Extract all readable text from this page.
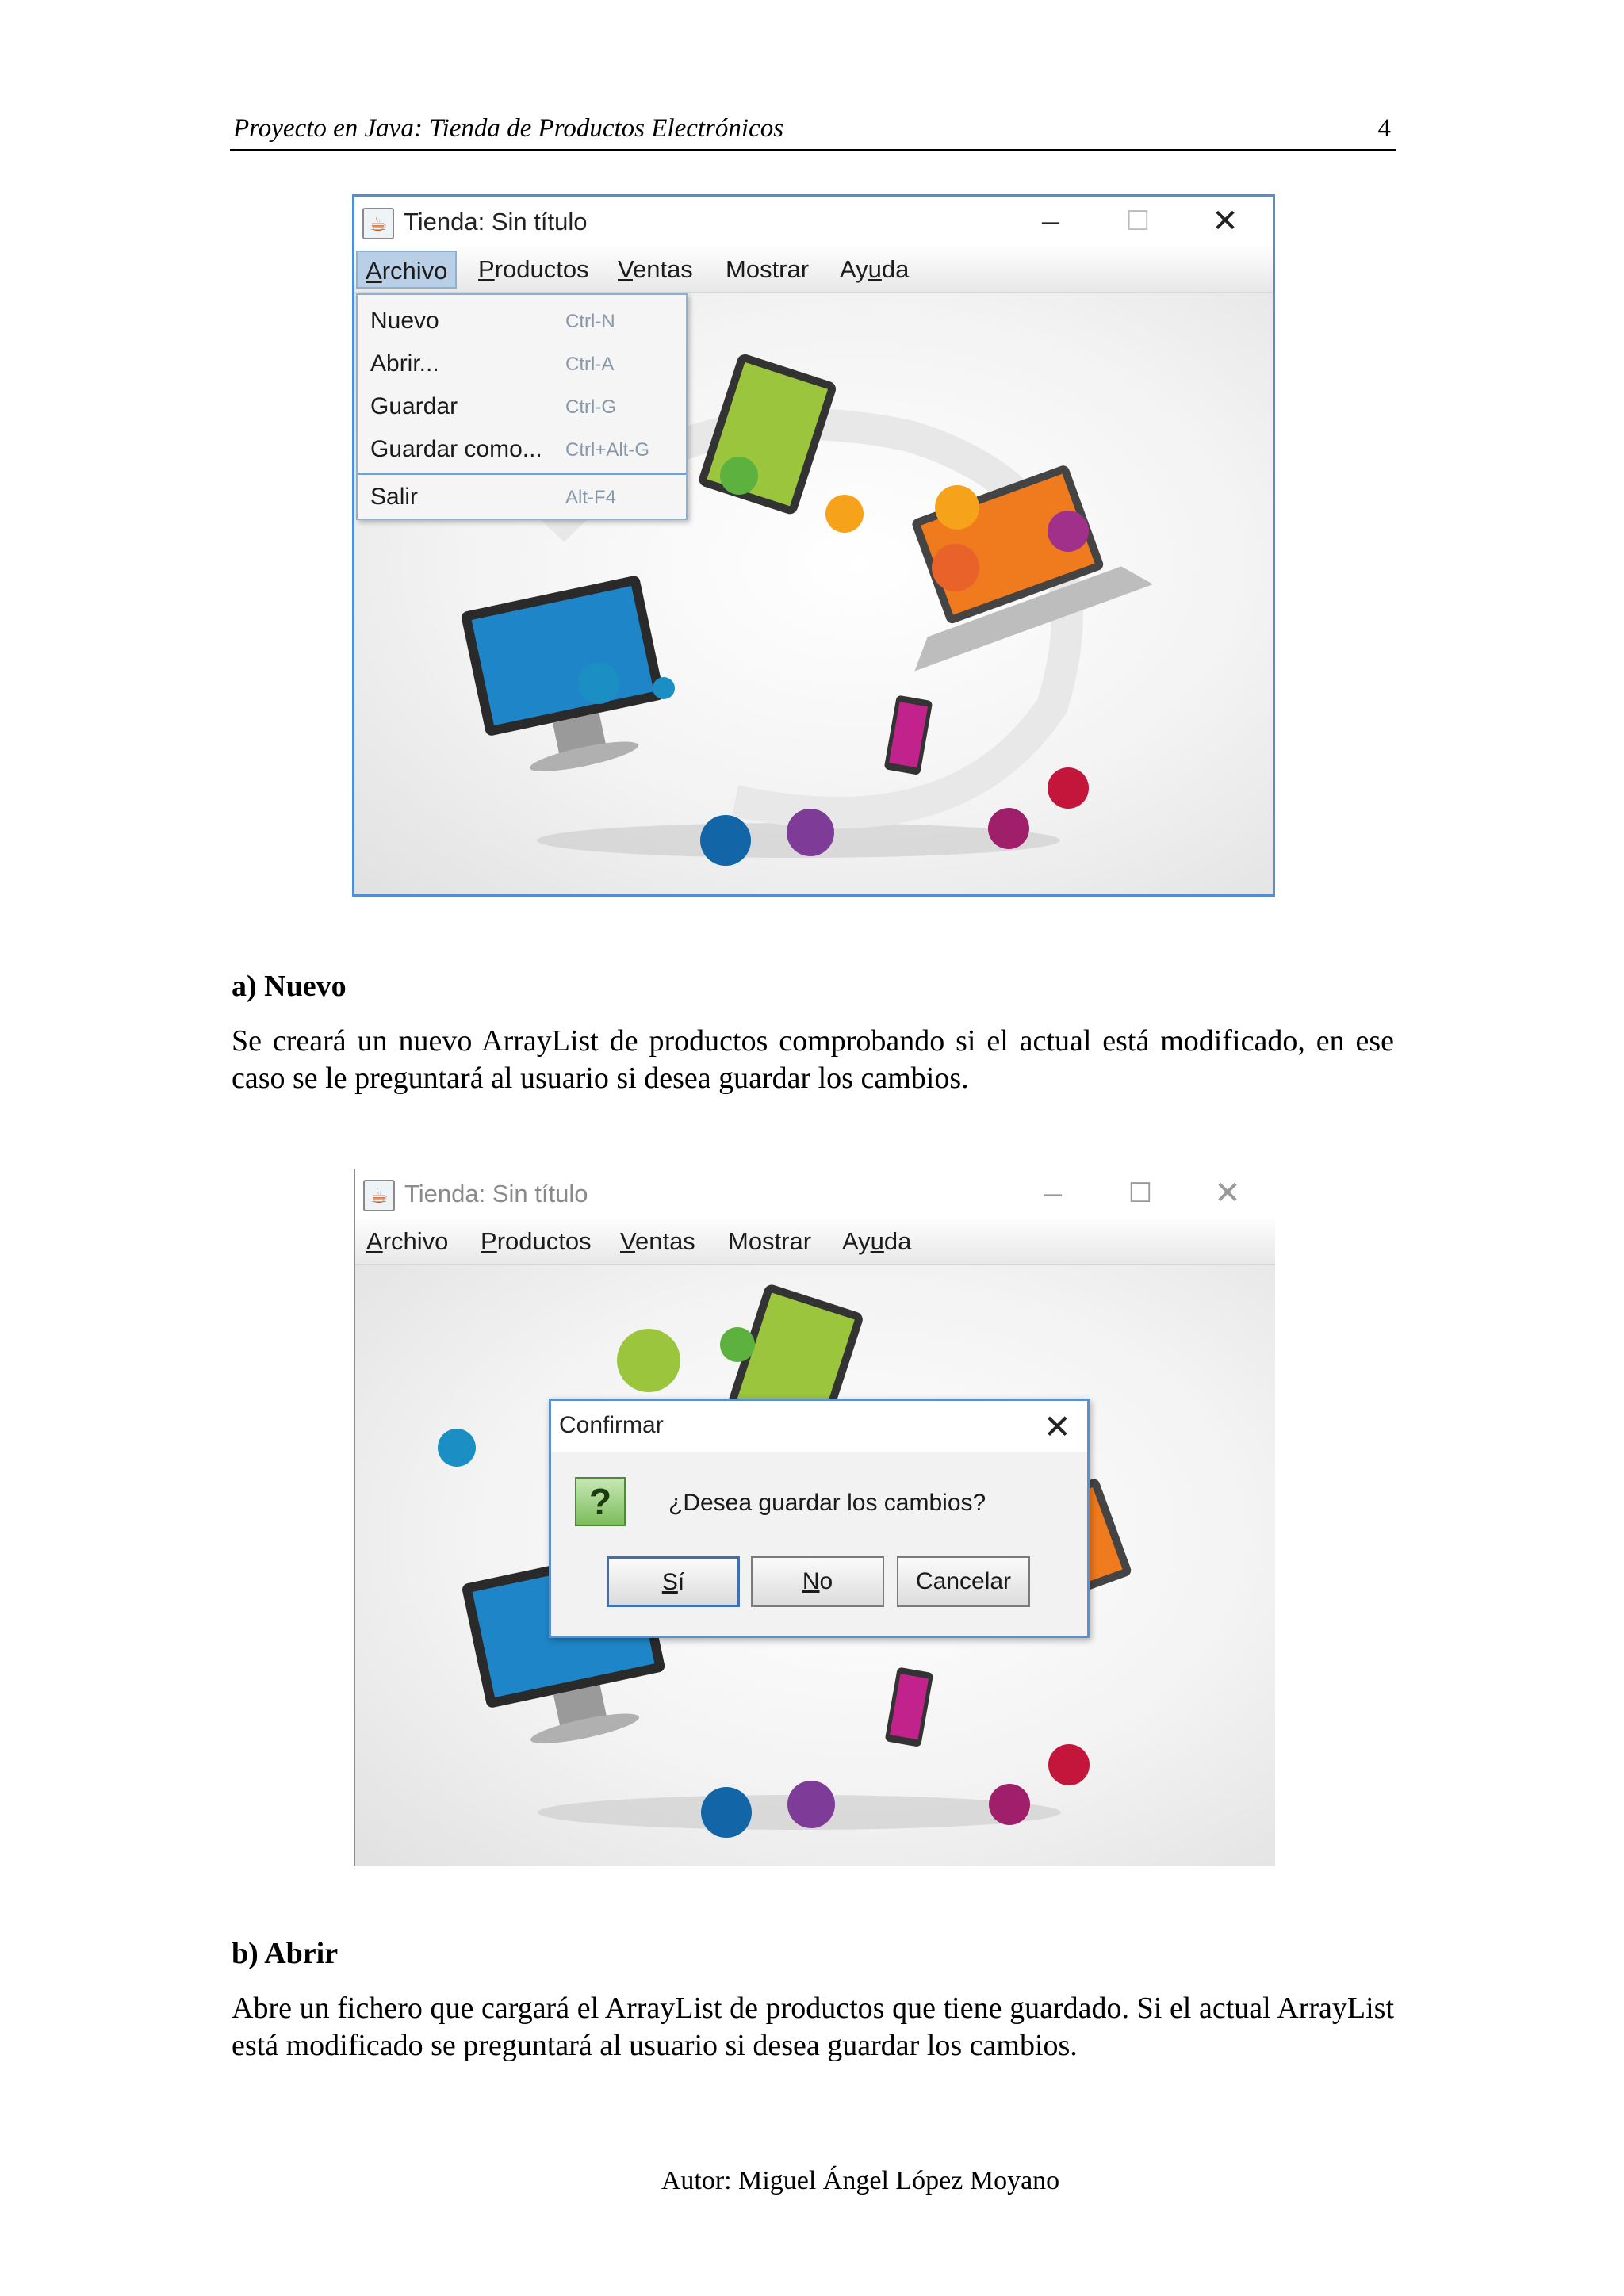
Proyecto en Java: Tienda de Productos Electrónicos	4
☕ Tienda: Sin título	–	☐	✕
Archivo	Productos	Ventas	Mostrar	Ayuda
Nuevo	Ctrl-N
Abrir...	Ctrl-A
Guardar	Ctrl-G
Guardar como... Ctrl+Alt-G
Salir	Alt-F4
a) Nuevo
Se creará un nuevo ArrayList de productos comprobando si el actual está modificado, en ese caso se le preguntará al usuario si desea guardar los cambios.
☕ Tienda: Sin título	–	☐	✕
Archivo	Productos	Ventas	Mostrar	Ayuda
Confirmar	✕
?	¿Desea guardar los cambios?
Sí	No	Cancelar
b) Abrir
Abre un fichero que cargará el ArrayList de productos que tiene guardado. Si el actual ArrayList está modificado se preguntará al usuario si desea guardar los cambios.
Autor: Miguel Ángel López Moyano
